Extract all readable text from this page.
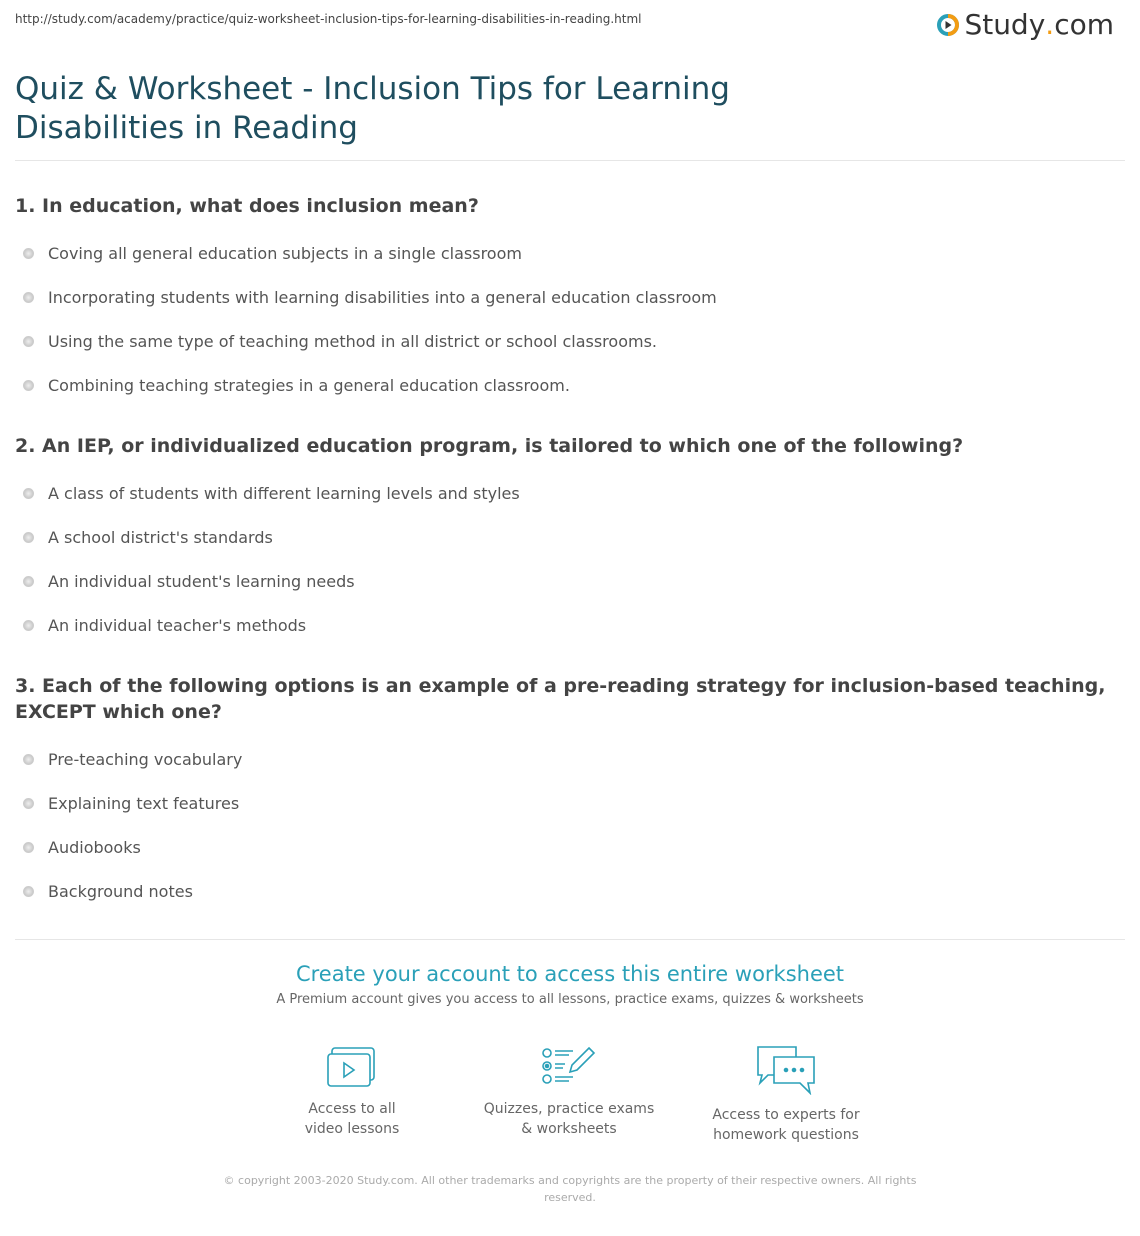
http://study.com/academy/practice/quiz-worksheet-inclusion-tips-for-learning-disabilities-in-reading.html	Study . com
Quiz & Worksheet - Inclusion Tips for Learning Disabilities in Reading
1. In education, what does inclusion mean?
Coving all general education subjects in a single classroom
Incorporating students with learning disabilities into a general education classroom
Using the same type of teaching method in all district or school classrooms.
Combining teaching strategies in a general education classroom.
2. An IEP, or individualized education program, is tailored to which one of the following?
A class of students with different learning levels and styles
A school district's standards
An individual student's learning needs
An individual teacher's methods
3. Each of the following options is an example of a pre-reading strategy for inclusion-based teaching, EXCEPT which one?
Pre-teaching vocabulary
Explaining text features
Audiobooks
Background notes
Create your account to access this entire worksheet
A Premium account gives you access to all lessons, practice exams, quizzes & worksheets
Access to all
video lessons
Quizzes, practice exams
& worksheets
Access to experts for
homework questions
© copyright 2003-2020 Study.com. All other trademarks and copyrights are the property of their respective owners. All rights reserved.
